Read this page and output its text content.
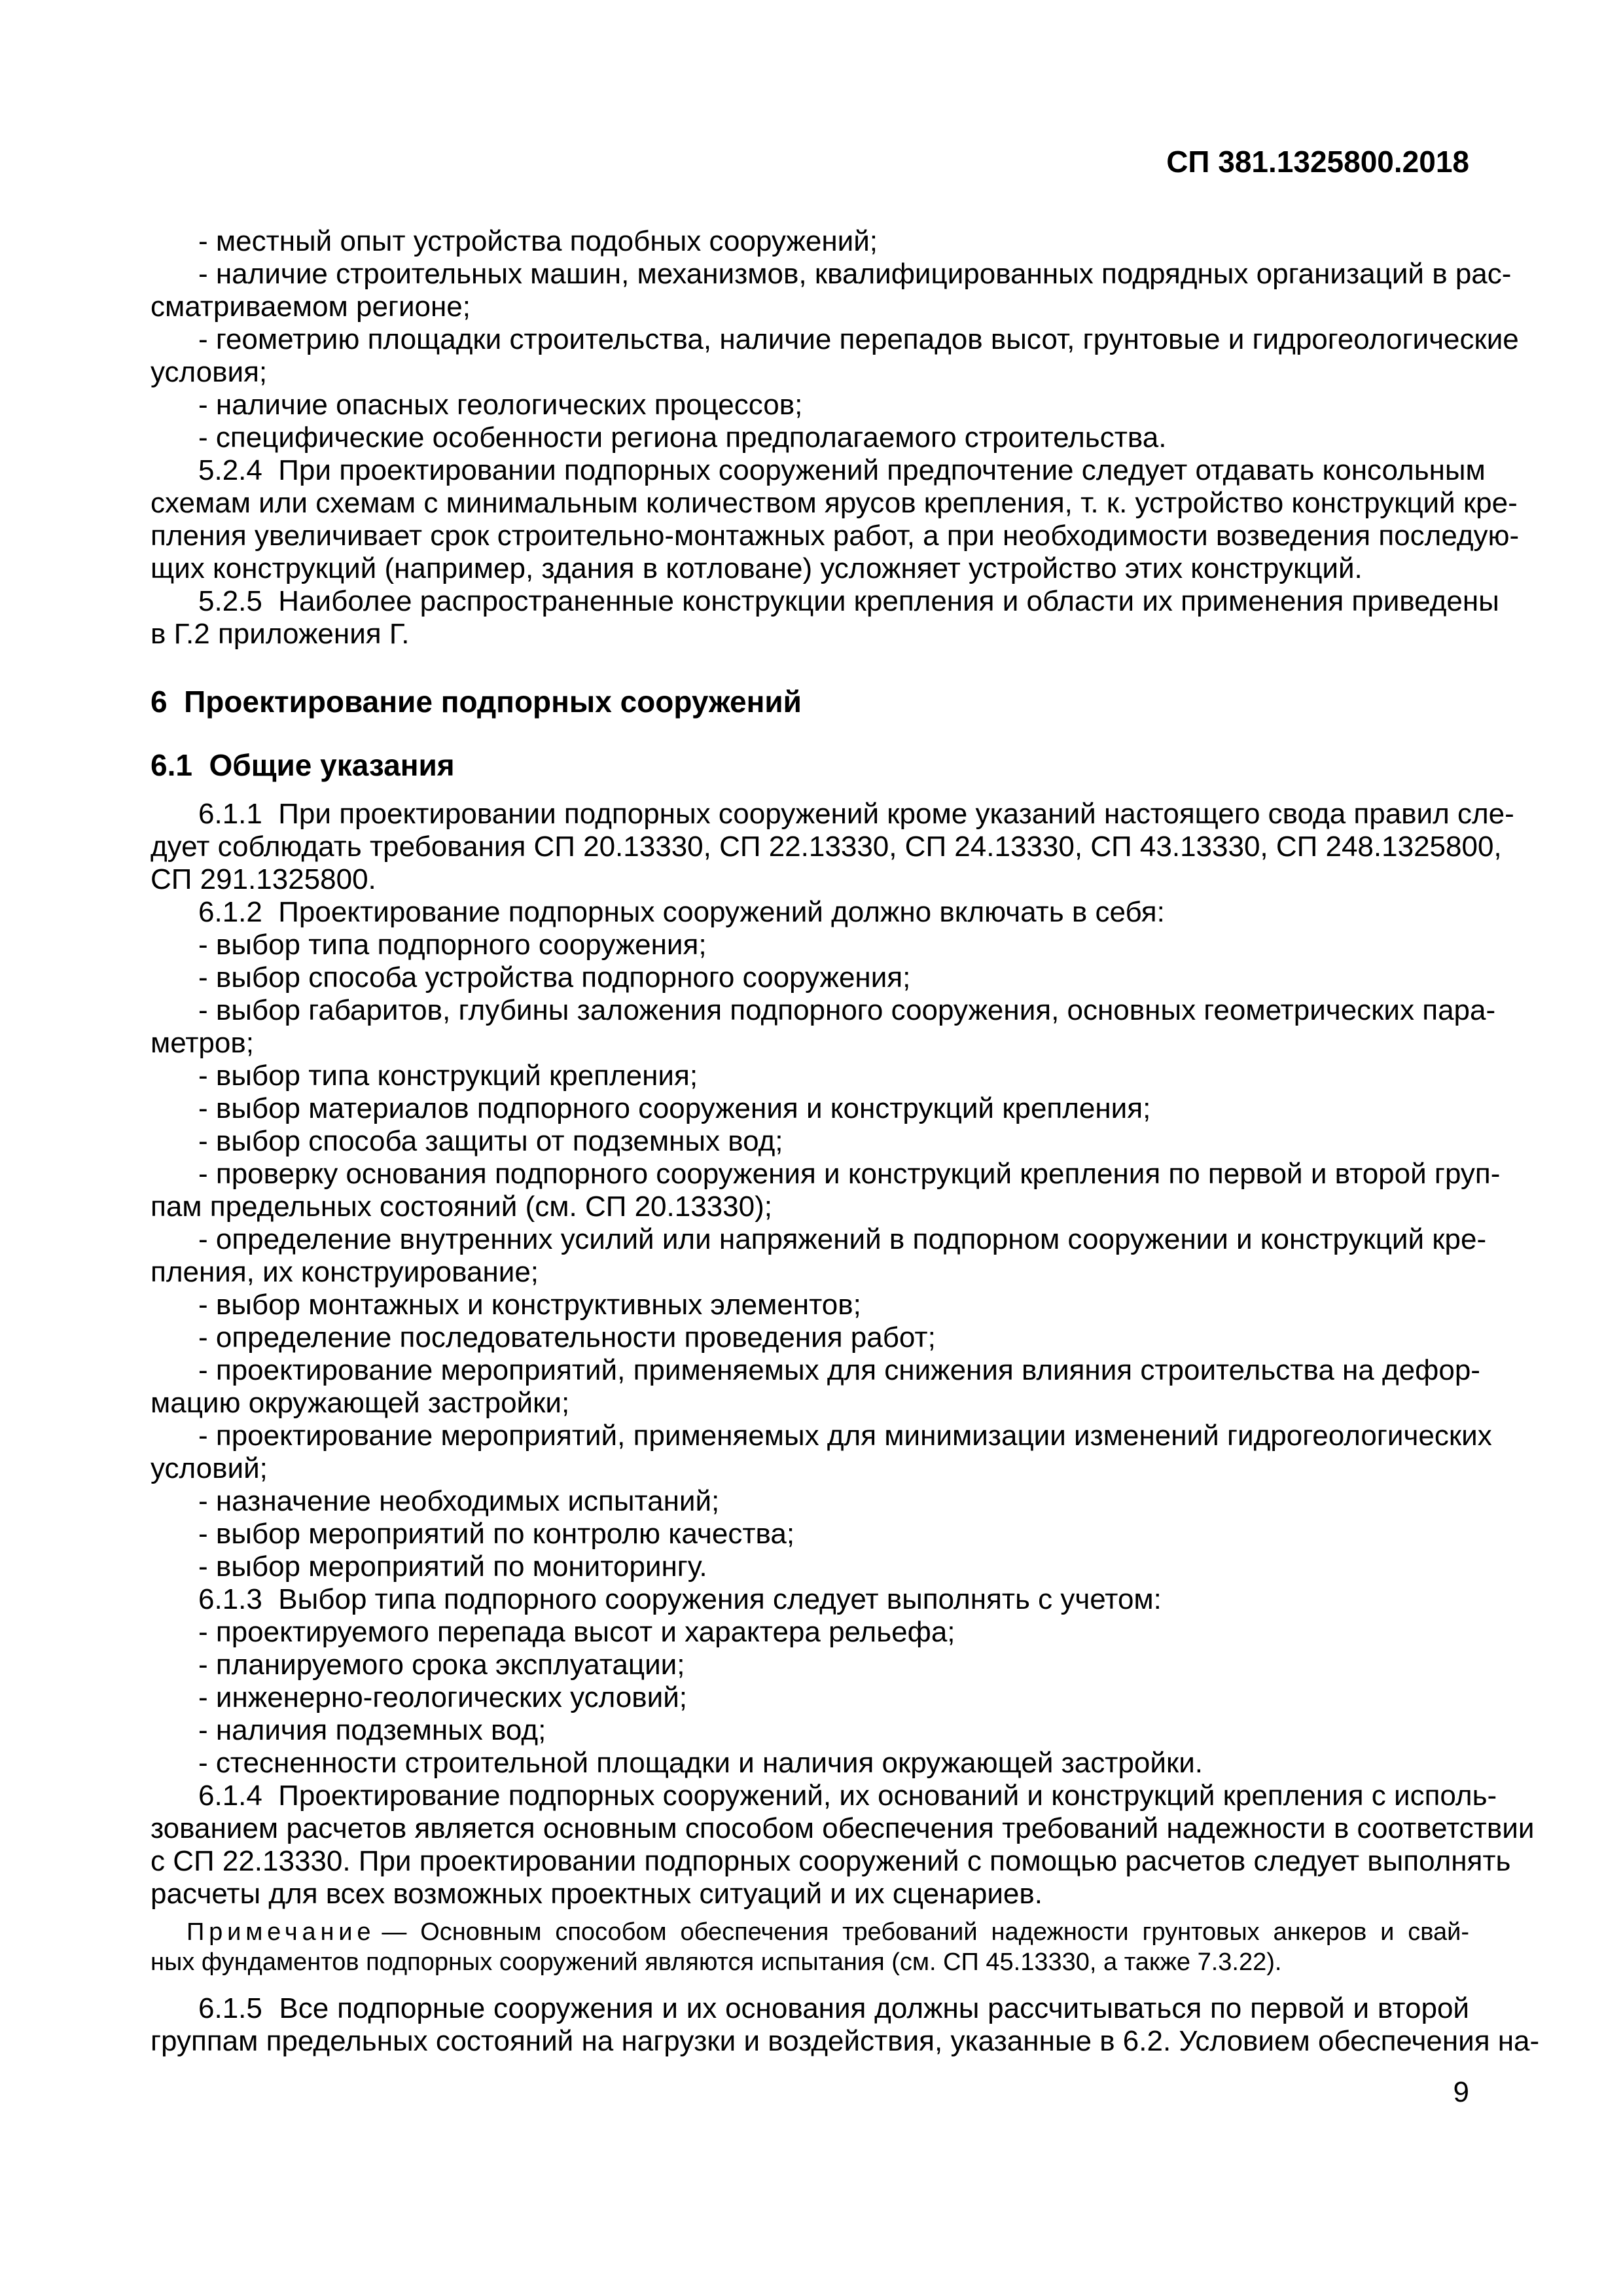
СП 381.1325800.2018
- местный опыт устройства подобных сооружений;
- наличие строительных машин, механизмов, квалифицированных подрядных организаций в рас-
сматриваемом регионе;
- геометрию площадки строительства, наличие перепадов высот, грунтовые и гидрогеологические
условия;
- наличие опасных геологических процессов;
- специфические особенности региона предполагаемого строительства.
5.2.4  При проектировании подпорных сооружений предпочтение следует отдавать консольным
схемам или схемам с минимальным количеством ярусов крепления, т. к. устройство конструкций кре-
пления увеличивает срок строительно-монтажных работ, а при необходимости возведения последую-
щих конструкций (например, здания в котловане) усложняет устройство этих конструкций.
5.2.5  Наиболее распространенные конструкции крепления и области их применения приведены
в Г.2 приложения Г.
6  Проектирование подпорных сооружений
6.1  Общие указания
6.1.1  При проектировании подпорных сооружений кроме указаний настоящего свода правил сле-
дует соблюдать требования СП 20.13330, СП 22.13330, СП 24.13330, СП 43.13330, СП 248.1325800,
СП 291.1325800.
6.1.2  Проектирование подпорных сооружений должно включать в себя:
- выбор типа подпорного сооружения;
- выбор способа устройства подпорного сооружения;
- выбор габаритов, глубины заложения подпорного сооружения, основных геометрических пара-
метров;
- выбор типа конструкций крепления;
- выбор материалов подпорного сооружения и конструкций крепления;
- выбор способа защиты от подземных вод;
- проверку основания подпорного сооружения и конструкций крепления по первой и второй груп-
пам предельных состояний (см. СП 20.13330);
- определение внутренних усилий или напряжений в подпорном сооружении и конструкций кре-
пления, их конструирование;
- выбор монтажных и конструктивных элементов;
- определение последовательности проведения работ;
- проектирование мероприятий, применяемых для снижения влияния строительства на дефор-
мацию окружающей застройки;
- проектирование мероприятий, применяемых для минимизации изменений гидрогеологических
условий;
- назначение необходимых испытаний;
- выбор мероприятий по контролю качества;
- выбор мероприятий по мониторингу.
6.1.3  Выбор типа подпорного сооружения следует выполнять с учетом:
- проектируемого перепада высот и характера рельефа;
- планируемого срока эксплуатации;
- инженерно-геологических условий;
- наличия подземных вод;
- стесненности строительной площадки и наличия окружающей застройки.
6.1.4  Проектирование подпорных сооружений, их оснований и конструкций крепления с исполь-
зованием расчетов является основным способом обеспечения требований надежности в соответствии
с СП 22.13330. При проектировании подпорных сооружений с помощью расчетов следует выполнять
расчеты для всех возможных проектных ситуаций и их сценариев.
Примечание — Основным способом обеспечения требований надежности грунтовых анкеров и свай-
ных фундаментов подпорных сооружений являются испытания (см. СП 45.13330, а также 7.3.22).
6.1.5  Все подпорные сооружения и их основания должны рассчитываться по первой и второй
группам предельных состояний на нагрузки и воздействия, указанные в 6.2. Условием обеспечения на-
9
